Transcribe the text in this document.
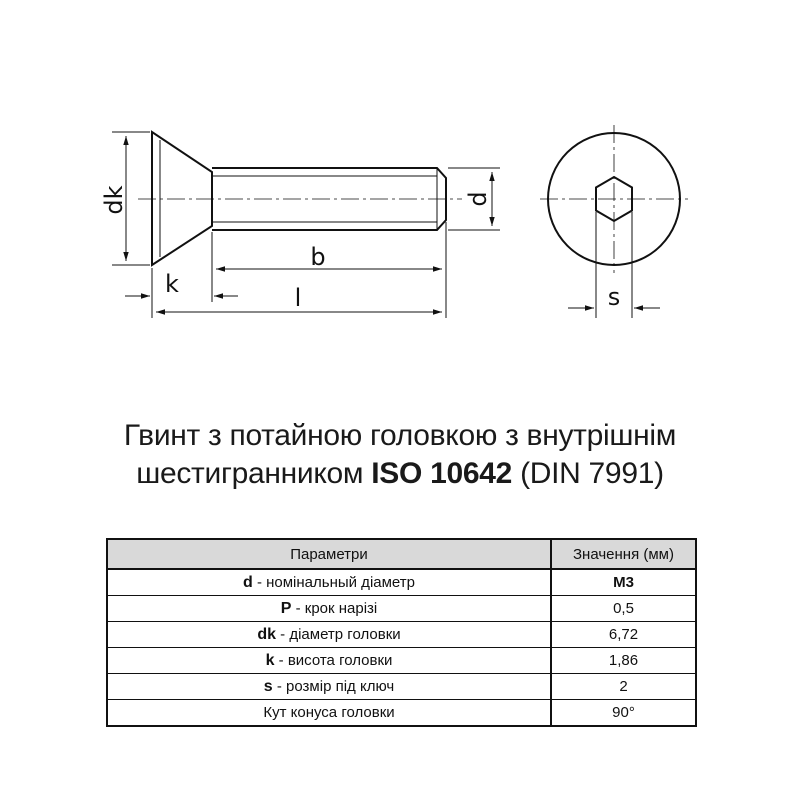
dk
k
b
l
d
s
Гвинт з потайною головкою з внутрішнім
шестигранником ISO 10642 (DIN 7991)
Параметри	Значення (мм)
d - номінальный діаметр	М3
P - крок нарізі	0,5
dk - діаметр головки	6,72
k - висота головки	1,86
s - розмір під ключ	2
Кут конуса головки	90°
